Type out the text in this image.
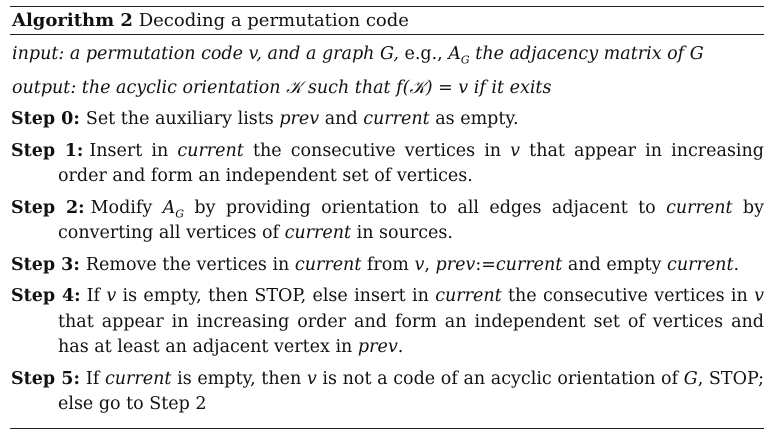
Algorithm 2 Decoding a permutation code
input: a permutation code v, and a graph G, e.g., $A_G$ the adjacency matrix of G
output: the acyclic orientation 𝒦 such that f(𝒦) = v if it exits
Step 0: Set the auxiliary lists prev and current as empty.
Step 1: Insert in current the consecutive vertices in v that appear in increasing order and form an independent set of vertices.
Step 2: Modify $A_G$ by providing orientation to all edges adjacent to current by converting all vertices of current in sources.
Step 3: Remove the vertices in current from v, prev:=current and empty current.
Step 4: If v is empty, then STOP, else insert in current the consecutive vertices in v that appear in increasing order and form an independent set of vertices and has at least an adjacent vertex in prev.
Step 5: If current is empty, then v is not a code of an acyclic orientation of G, STOP; else go to Step 2
